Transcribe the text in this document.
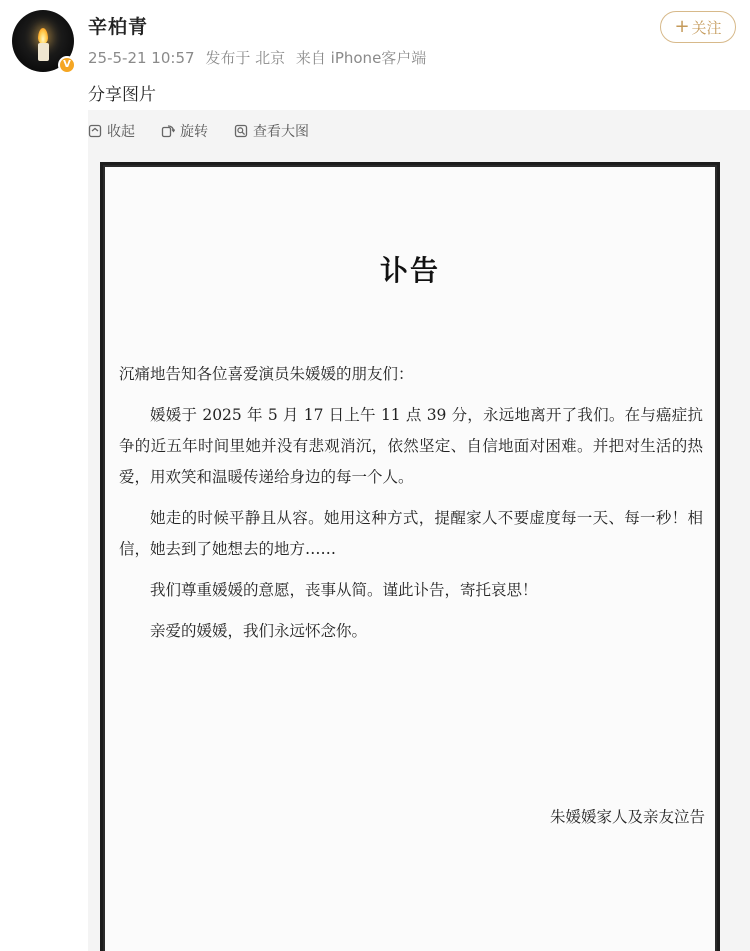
V
辛柏青
25-5-21 10:57 发布于 北京 来自 iPhone客户端
+ 关注
分享图片
收起	旋转	查看大图
讣告
沉痛地告知各位喜爱演员朱媛媛的朋友们：
媛媛于 2025 年 5 月 17 日上午 11 点 39 分，永远地离开了我们。在与癌症抗争的近五年时间里她并没有悲观消沉，依然坚定、自信地面对困难。并把对生活的热爱，用欢笑和温暖传递给身边的每一个人。
她走的时候平静且从容。她用这种方式，提醒家人不要虚度每一天、每一秒！相信，她去到了她想去的地方……
我们尊重媛媛的意愿，丧事从简。谨此讣告，寄托哀思！
亲爱的媛媛，我们永远怀念你。
朱媛媛家人及亲友泣告
